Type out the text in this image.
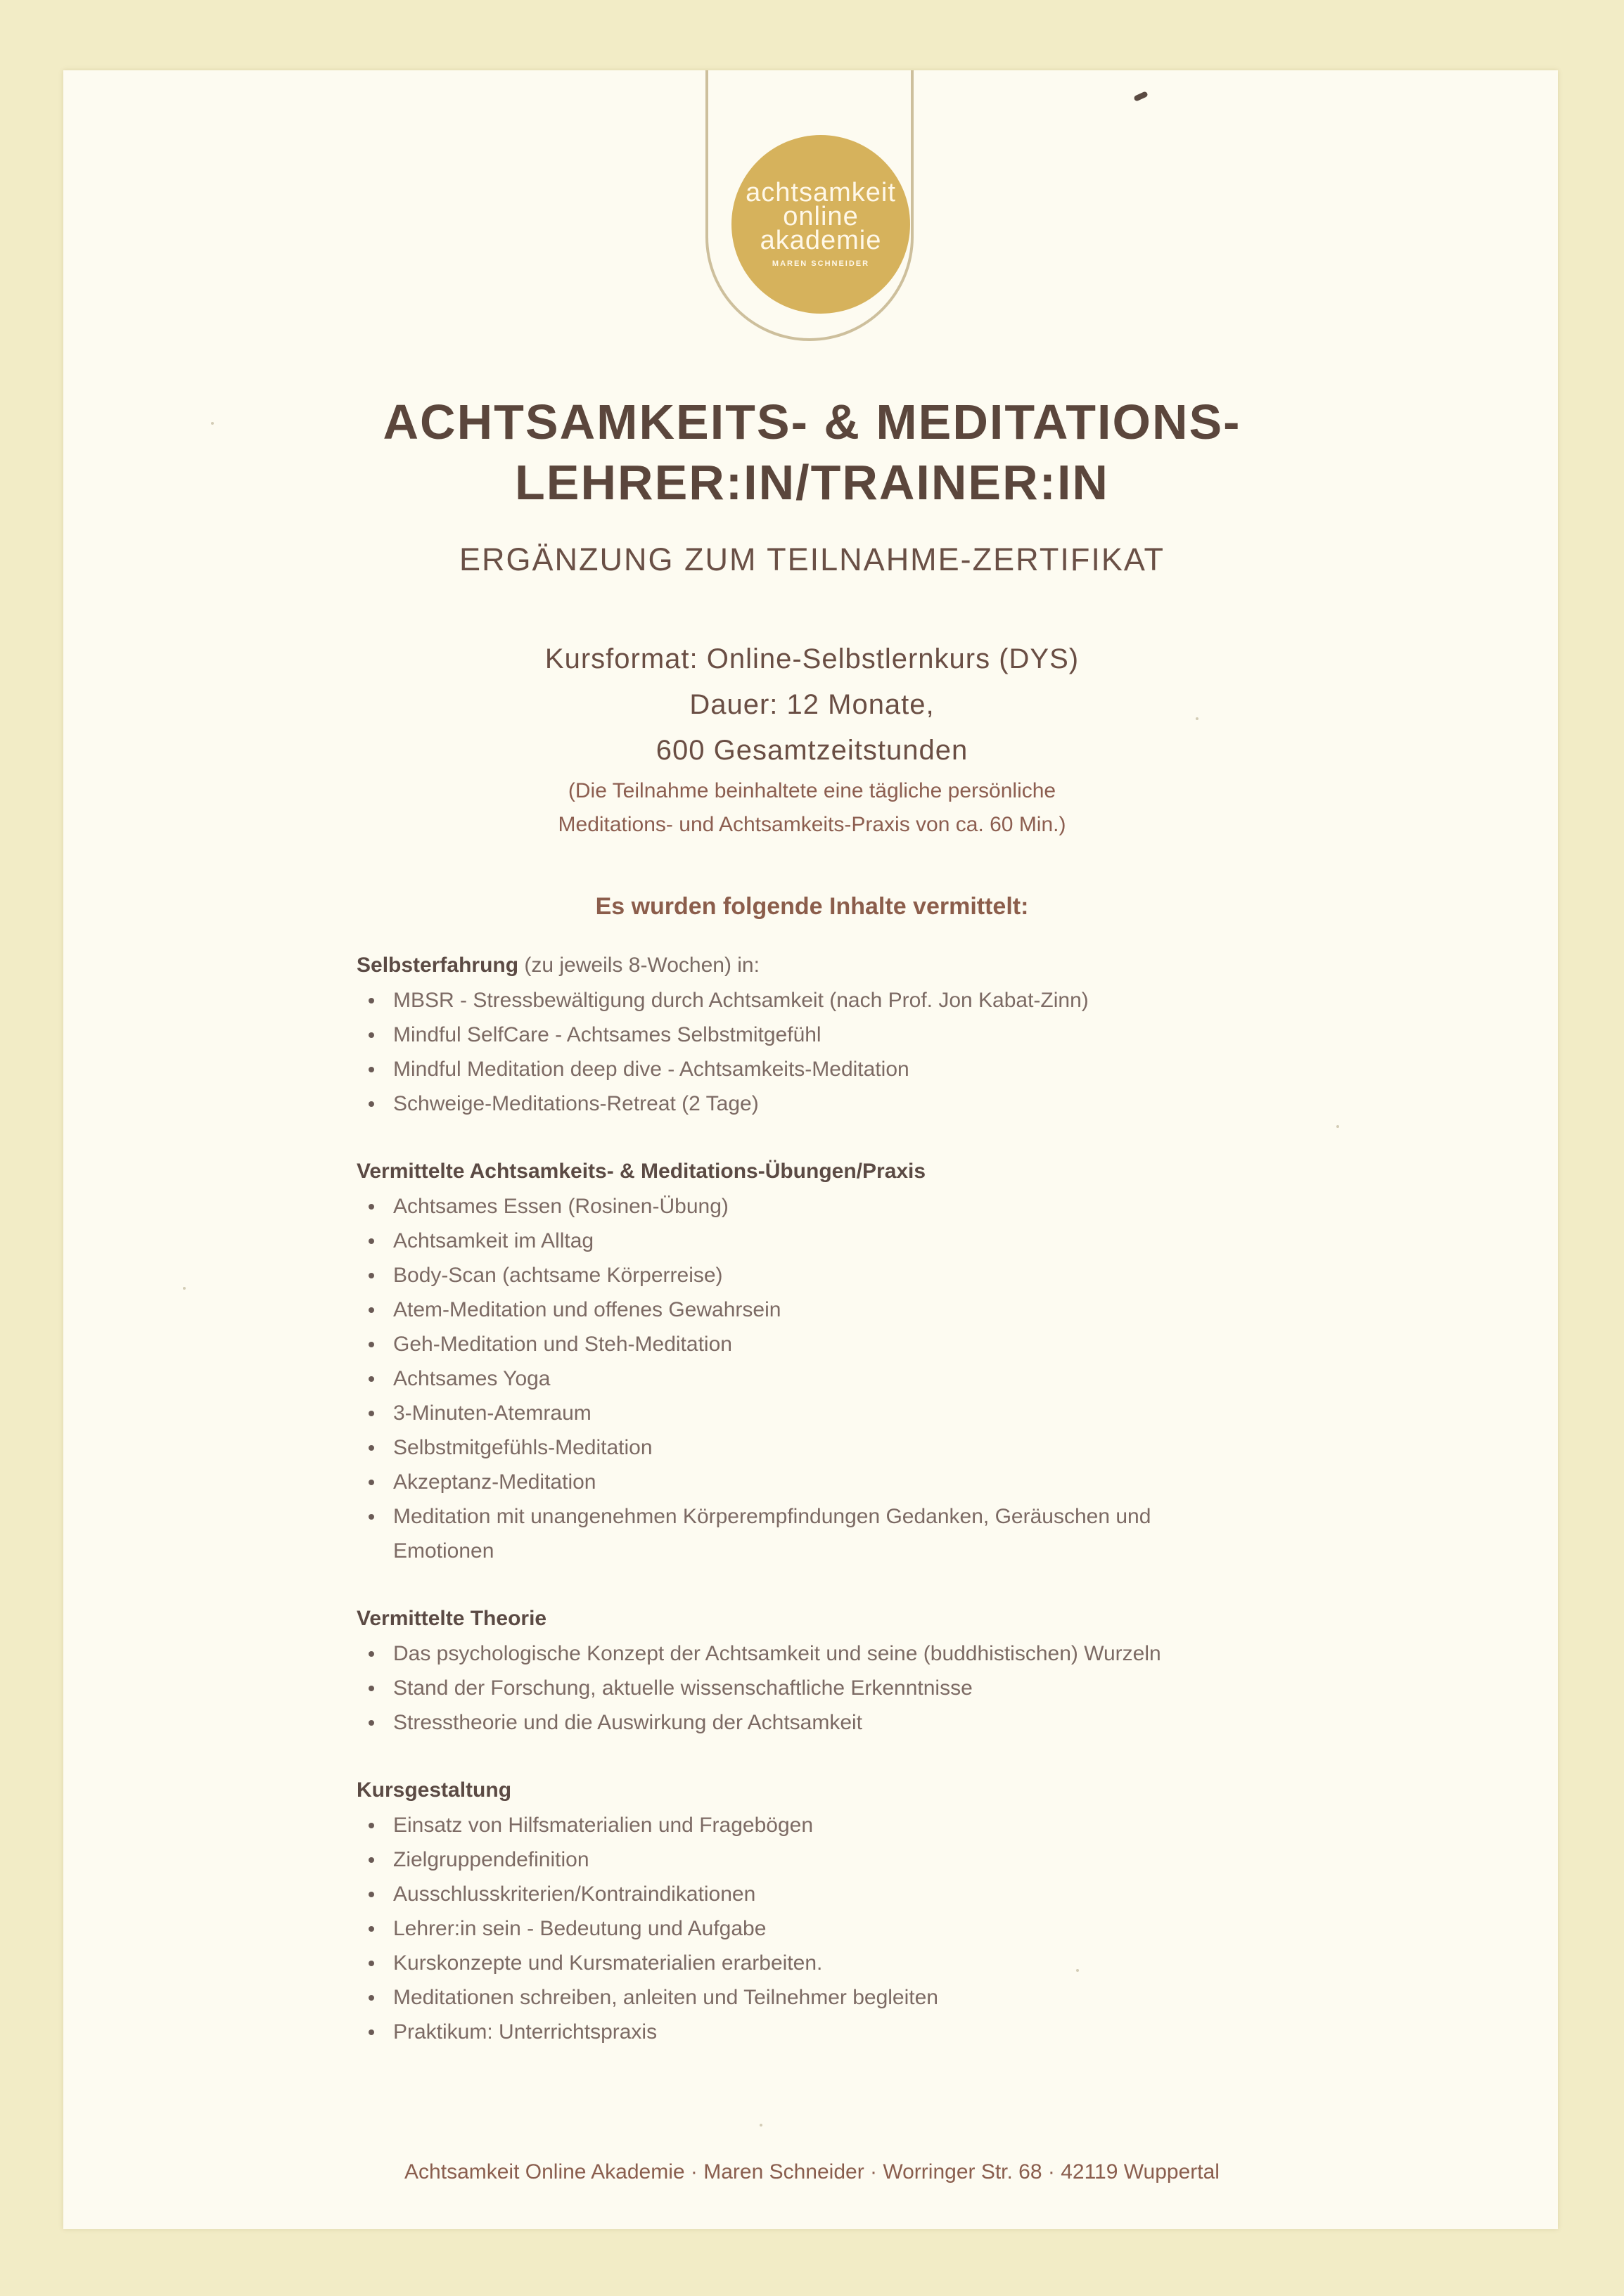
achtsamkeit
online
akademie
MAREN SCHNEIDER
ACHTSAMKEITS- & MEDITATIONS-
LEHRER:IN/TRAINER:IN
ERGÄNZUNG ZUM TEILNAHME-ZERTIFIKAT
Kursformat: Online-Selbstlernkurs (DYS)
Dauer: 12 Monate,
600 Gesamtzeitstunden
(Die Teilnahme beinhaltete eine tägliche persönliche
Meditations- und Achtsamkeits-Praxis von ca. 60 Min.)
Es wurden folgende Inhalte vermittelt:
Selbsterfahrung (zu jeweils 8-Wochen) in:
MBSR - Stressbewältigung durch Achtsamkeit (nach Prof. Jon Kabat-Zinn)
Mindful SelfCare - Achtsames Selbstmitgefühl
Mindful Meditation deep dive - Achtsamkeits-Meditation
Schweige-Meditations-Retreat (2 Tage)
Vermittelte Achtsamkeits- & Meditations-Übungen/Praxis
Achtsames Essen (Rosinen-Übung)
Achtsamkeit im Alltag
Body-Scan (achtsame Körperreise)
Atem-Meditation und offenes Gewahrsein
Geh-Meditation und Steh-Meditation
Achtsames Yoga
3-Minuten-Atemraum
Selbstmitgefühls-Meditation
Akzeptanz-Meditation
Meditation mit unangenehmen Körperempfindungen Gedanken, Geräuschen und
Emotionen
Vermittelte Theorie
Das psychologische Konzept der Achtsamkeit und seine (buddhistischen) Wurzeln
Stand der Forschung, aktuelle wissenschaftliche Erkenntnisse
Stresstheorie und die Auswirkung der Achtsamkeit
Kursgestaltung
Einsatz von Hilfsmaterialien und Fragebögen
Zielgruppendefinition
Ausschlusskriterien/Kontraindikationen
Lehrer:in sein - Bedeutung und Aufgabe
Kurskonzepte und Kursmaterialien erarbeiten.
Meditationen schreiben, anleiten und Teilnehmer begleiten
Praktikum: Unterrichtspraxis
Achtsamkeit Online Akademie · Maren Schneider · Worringer Str. 68 · 42119 Wuppertal
